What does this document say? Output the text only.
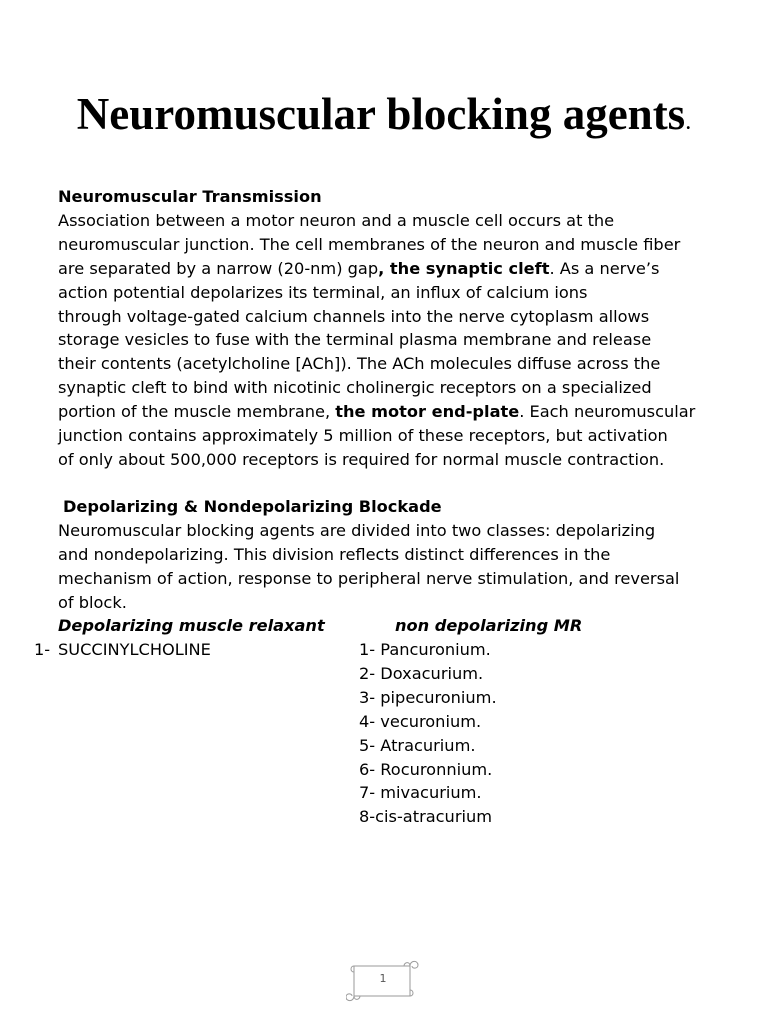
Neuromuscular blocking agents.
Neuromuscular Transmission
Association between a motor neuron and a muscle cell occurs at the
neuromuscular junction. The cell membranes of the neuron and muscle fiber
are separated by a narrow (20-nm) gap, the synaptic cleft. As a nerve’s
action potential depolarizes its terminal, an influx of calcium ions
through voltage-gated calcium channels into the nerve cytoplasm allows
storage vesicles to fuse with the terminal plasma membrane and release
their contents (acetylcholine [ACh]). The ACh molecules diffuse across the
synaptic cleft to bind with nicotinic cholinergic receptors on a specialized
portion of the muscle membrane, the motor end-plate. Each neuromuscular
junction contains approximately 5 million of these receptors, but activation
of only about 500,000 receptors is required for normal muscle contraction.
Depolarizing & Nondepolarizing Blockade
Neuromuscular blocking agents are divided into two classes: depolarizing
and nondepolarizing. This division reflects distinct differences in the
mechanism of action, response to peripheral nerve stimulation, and reversal
of block.
Depolarizing muscle relaxant	non depolarizing MR
1- SUCCINYLCHOLINE	1- Pancuronium.
2- Doxacurium.
3- pipecuronium.
4- vecuronium.
5- Atracurium.
6- Rocuronnium.
7- mivacurium.
8-cis-atracurium
1
